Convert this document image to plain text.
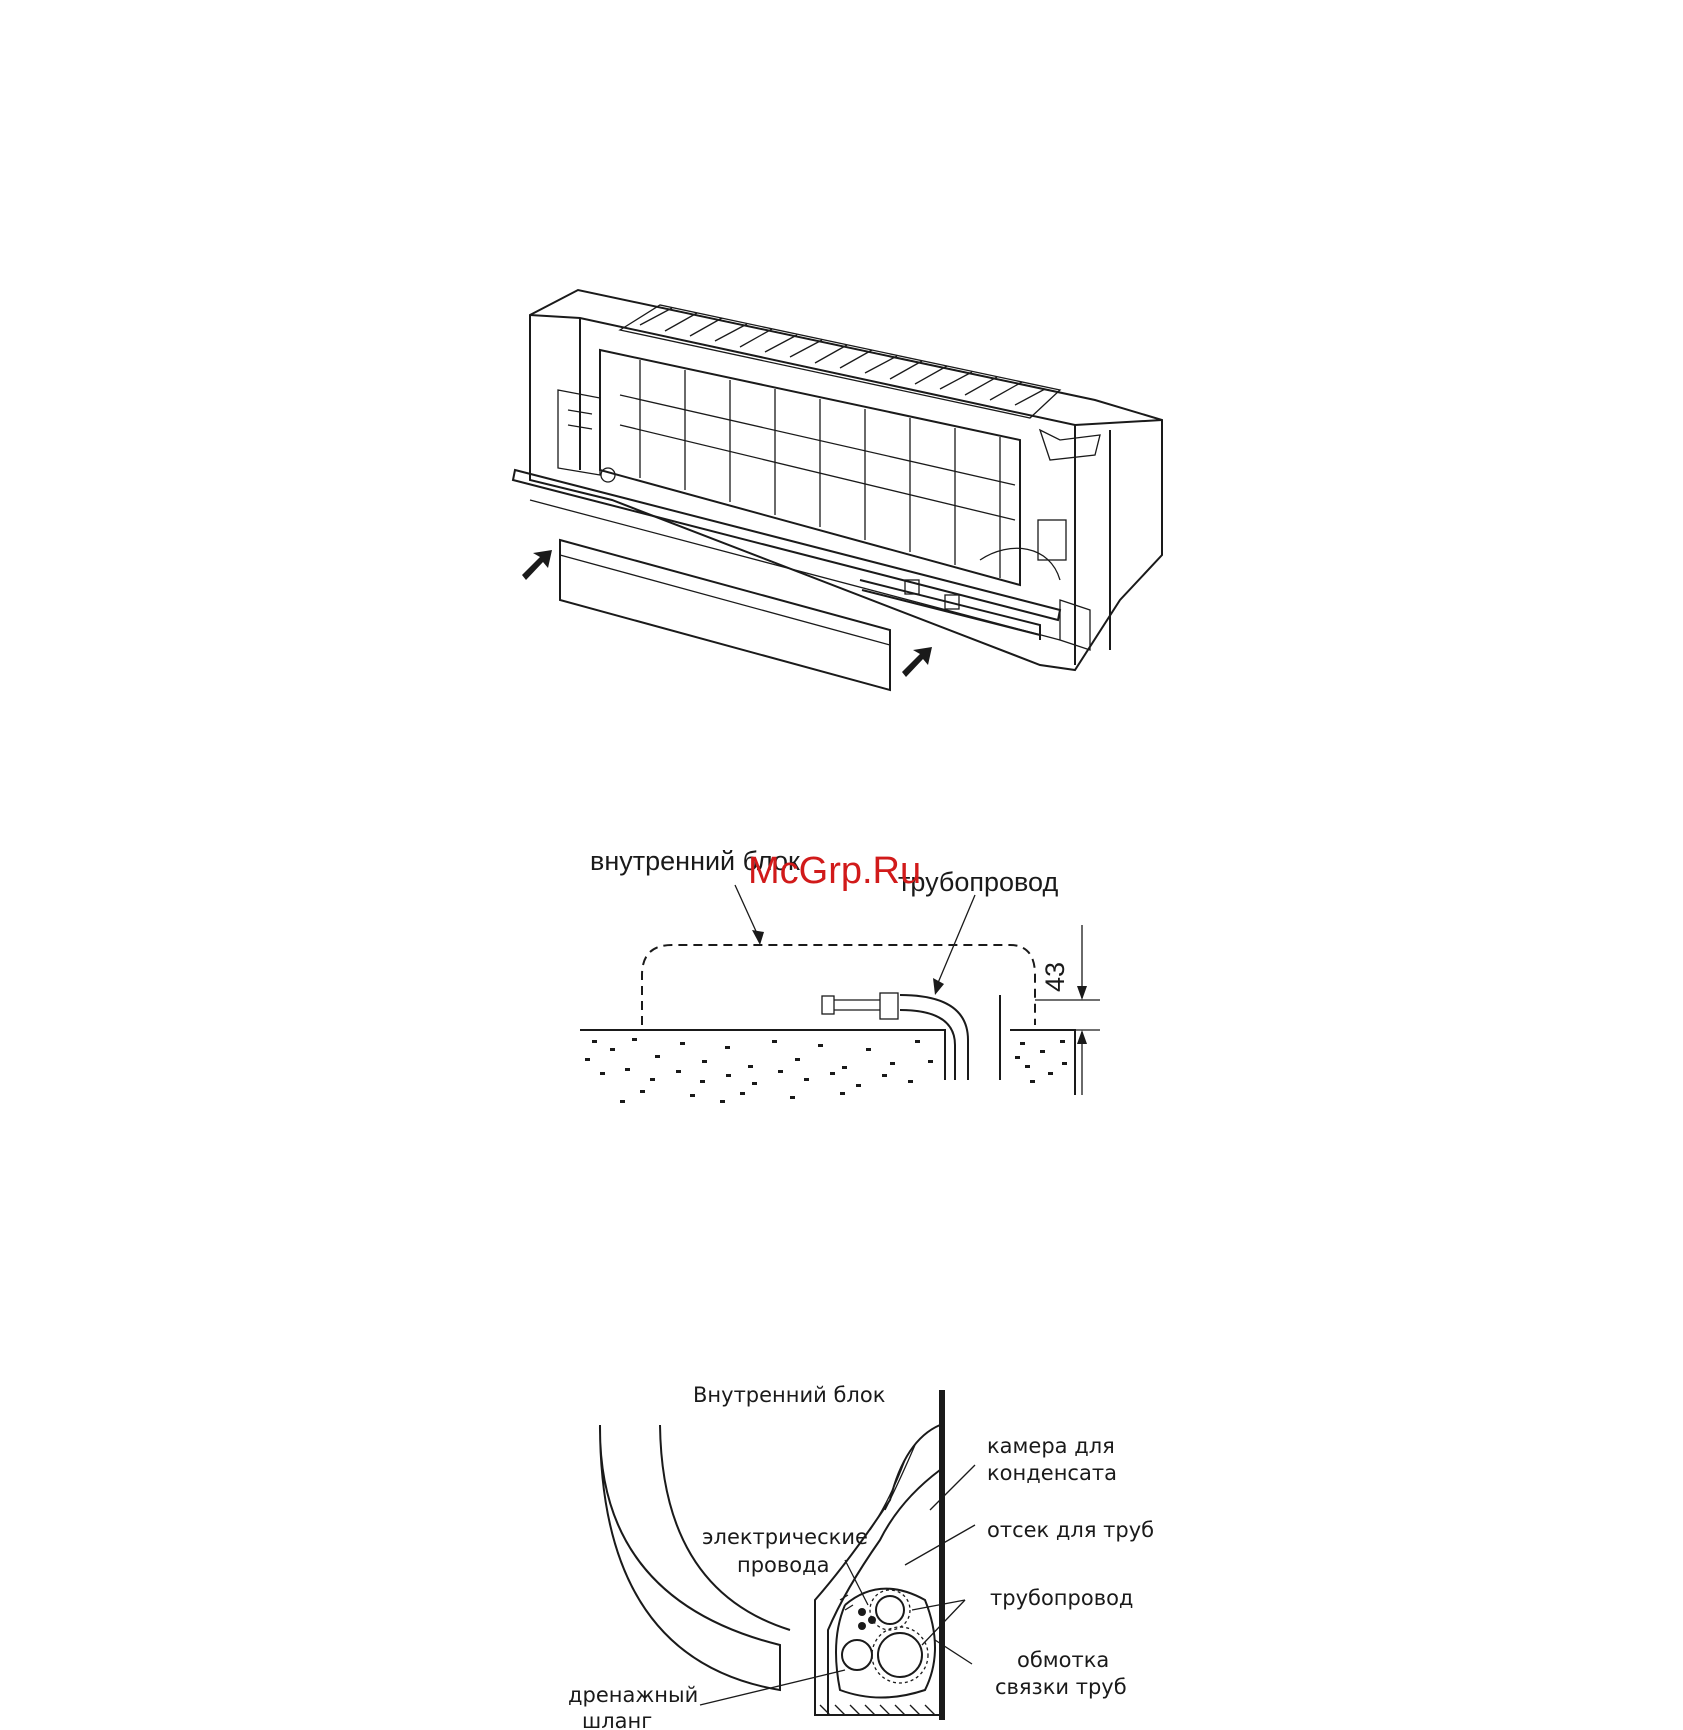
внутренний блок
трубопровод
43
McGrp.Ru
Внутренний блок
камера для
конденсата
отсек для труб
электрические
провода
трубопровод
обмотка
связки труб
дренажный
шланг
